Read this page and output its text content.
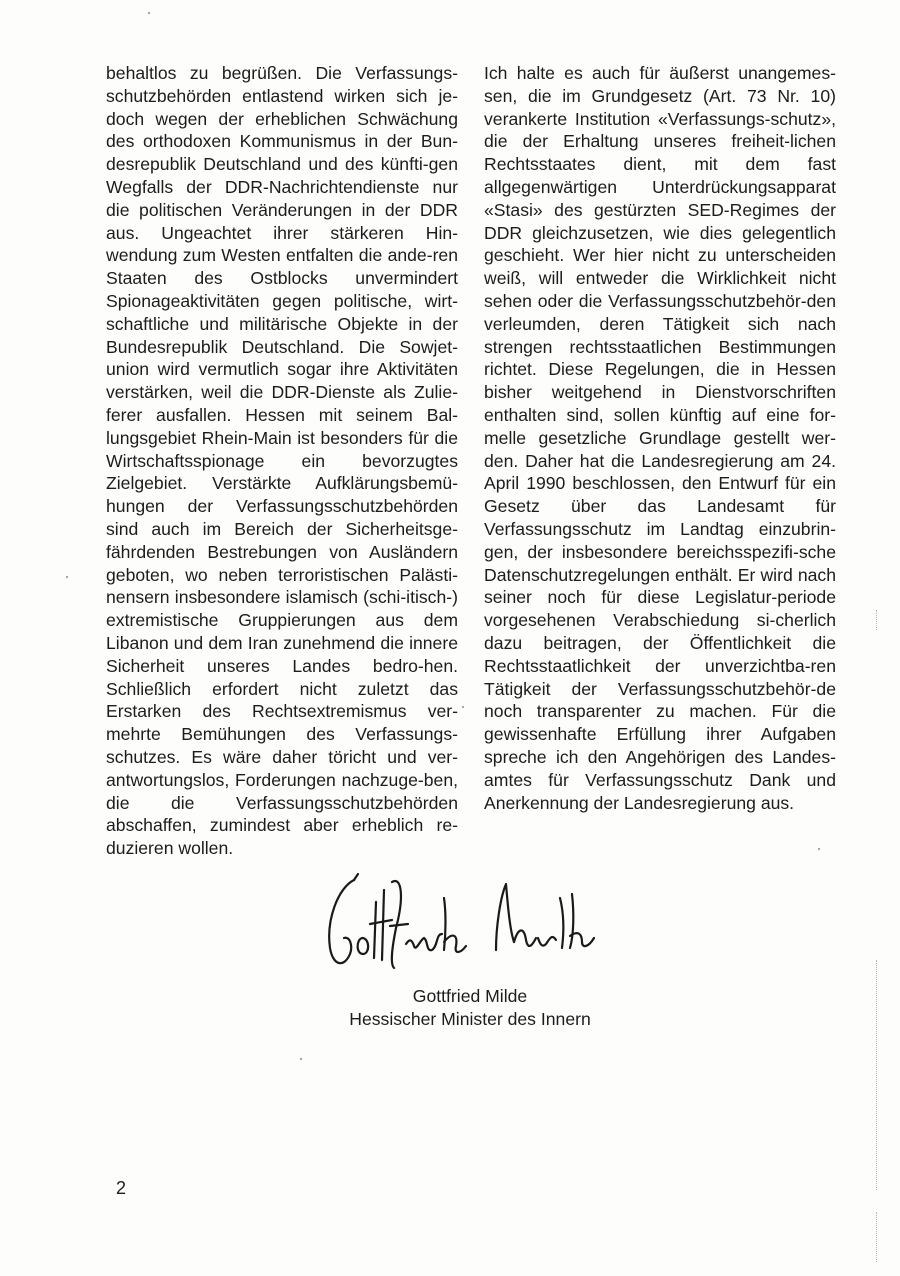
behaltlos zu begrüßen. Die Verfassungs-schutzbehörden entlastend wirken sich je-doch wegen der erheblichen Schwächung des orthodoxen Kommunismus in der Bun-desrepublik Deutschland und des künfti-gen Wegfalls der DDR-Nachrichtendienste nur die politischen Veränderungen in der DDR aus. Ungeachtet ihrer stärkeren Hin-wendung zum Westen entfalten die ande-ren Staaten des Ostblocks unvermindert Spionageaktivitäten gegen politische, wirt-schaftliche und militärische Objekte in der Bundesrepublik Deutschland. Die Sowjet-union wird vermutlich sogar ihre Aktivitäten verstärken, weil die DDR-Dienste als Zulie-ferer ausfallen. Hessen mit seinem Bal-lungsgebiet Rhein-Main ist besonders für die Wirtschaftsspionage ein bevorzugtes Zielgebiet. Verstärkte Aufklärungsbemü-hungen der Verfassungsschutzbehörden sind auch im Bereich der Sicherheitsge-fährdenden Bestrebungen von Ausländern geboten, wo neben terroristischen Palästi-nensern insbesondere islamisch (schi-itisch-) extremistische Gruppierungen aus dem Libanon und dem Iran zunehmend die innere Sicherheit unseres Landes bedro-hen. Schließlich erfordert nicht zuletzt das Erstarken des Rechtsextremismus ver-mehrte Bemühungen des Verfassungs-schutzes. Es wäre daher töricht und ver-antwortungslos, Forderungen nachzuge-ben, die die Verfassungsschutzbehörden abschaffen, zumindest aber erheblich re-duzieren wollen.

Ich halte es auch für äußerst unangemes-sen, die im Grundgesetz (Art. 73 Nr. 10) verankerte Institution «Verfassungs-schutz», die der Erhaltung unseres freiheit-lichen Rechtsstaates dient, mit dem fast allgegenwärtigen Unterdrückungsapparat «Stasi» des gestürzten SED-Regimes der DDR gleichzusetzen, wie dies gelegentlich geschieht. Wer hier nicht zu unterscheiden weiß, will entweder die Wirklichkeit nicht sehen oder die Verfassungsschutzbehör-den verleumden, deren Tätigkeit sich nach strengen rechtsstaatlichen Bestimmungen richtet. Diese Regelungen, die in Hessen bisher weitgehend in Dienstvorschriften enthalten sind, sollen künftig auf eine for-melle gesetzliche Grundlage gestellt wer-den. Daher hat die Landesregierung am 24. April 1990 beschlossen, den Entwurf für ein Gesetz über das Landesamt für Verfassungsschutz im Landtag einzubrin-gen, der insbesondere bereichsspezifi-sche Datenschutzregelungen enthält. Er wird nach seiner noch für diese Legislatur-periode vorgesehenen Verabschiedung si-cherlich dazu beitragen, der Öffentlichkeit die Rechtsstaatlichkeit der unverzichtba-ren Tätigkeit der Verfassungsschutzbehör-de noch transparenter zu machen. Für die gewissenhafte Erfüllung ihrer Aufgaben spreche ich den Angehörigen des Landes-amtes für Verfassungsschutz Dank und Anerkennung der Landesregierung aus.

Gottfried Milde
Hessischer Minister des Innern
2
